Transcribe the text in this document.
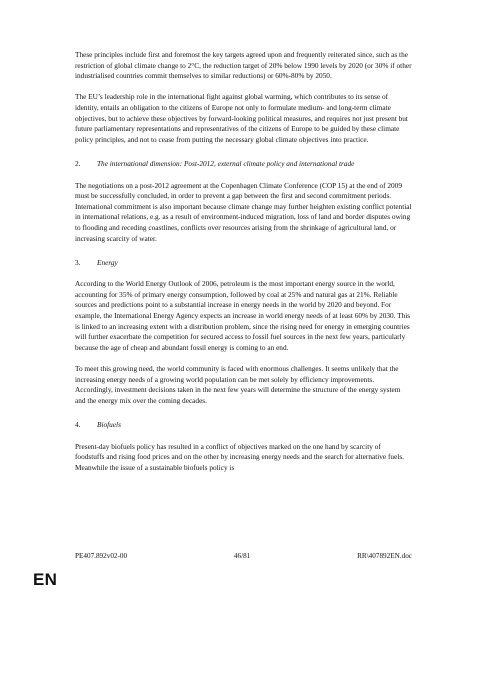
These principles include first and foremost the key targets agreed upon and frequently reiterated since, such as the restriction of global climate change to 2°C, the reduction target of 20% below 1990 levels by 2020 (or 30% if other industrialised countries commit themselves to similar reductions) or 60%-80% by 2050.

The EU’s leadership role in the international fight against global warming, which contributes to its sense of identity, entails an obligation to the citizens of Europe not only to formulate medium- and long-term climate objectives, but to achieve these objectives by forward-looking political measures, and requires not just present but future parliamentary representations and representatives of the citizens of Europe to be guided by these climate policy principles, and not to cease from putting the necessary global climate objectives into practice.

2.	The international dimension: Post-2012, external climate policy and international trade

The negotiations on a post-2012 agreement at the Copenhagen Climate Conference (COP 15) at the end of 2009 must be successfully concluded, in order to prevent a gap between the first and second commitment periods. International commitment is also important because climate change may further heighten existing conflict potential in international relations, e.g. as a result of environment-induced migration, loss of land and border disputes owing to flooding and receding coastlines, conflicts over resources arising from the shrinkage of agricultural land, or increasing scarcity of water.

3.	Energy

According to the World Energy Outlook of 2006, petroleum is the most important energy source in the world, accounting for 35% of primary energy consumption, followed by coal at 25% and natural gas at 21%. Reliable sources and predictions point to a substantial increase in energy needs in the world by 2020 and beyond. For example, the International Energy Agency expects an increase in world energy needs of at least 60% by 2030. This is linked to an increasing extent with a distribution problem, since the rising need for energy in emerging countries will further exacerbate the competition for secured access to fossil fuel sources in the next few years, particularly because the age of cheap and abundant fossil energy is coming to an end.

To meet this growing need, the world community is faced with enormous challenges. It seems unlikely that the increasing energy needs of a growing world population can be met solely by efficiency improvements. Accordingly, investment decisions taken in the next few years will determine the structure of the energy system and the energy mix over the coming decades.

4.	Biofuels

Present-day biofuels policy has resulted in a conflict of objectives marked on the one hand by scarcity of foodstuffs and rising food prices and on the other by increasing energy needs and the search for alternative fuels. Meanwhile the issue of a sustainable biofuels policy is

PE407.892v02-00	46/81	RR\407892EN.doc
EN
